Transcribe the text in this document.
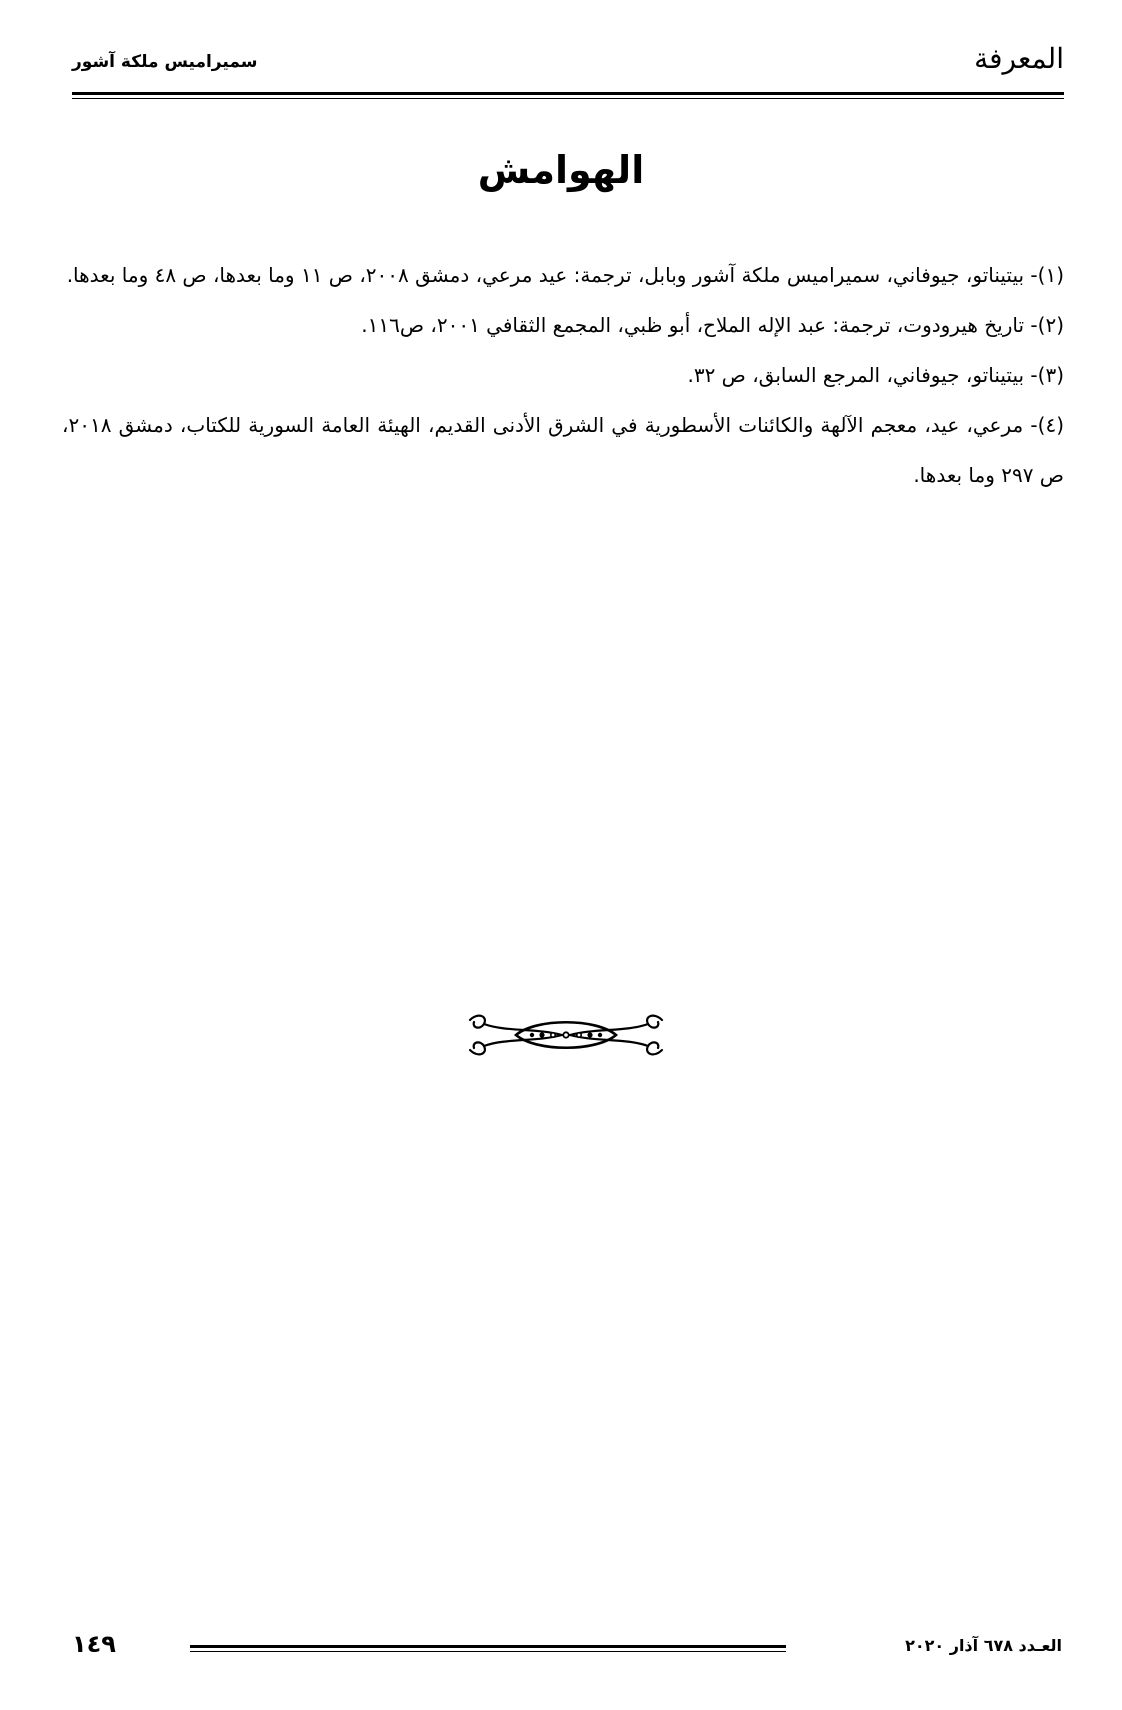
سميراميس ملكة آشور	المعرفة
الهوامش

(١)- بيتيناتو، جيوفاني، سميراميس ملكة آشور وبابل، ترجمة: عيد مرعي، دمشق ٢٠٠٨، ص ١١ وما بعدها، ص ٤٨ وما بعدها.

(٢)- تاريخ هيرودوت، ترجمة: عبد الإله الملاح، أبو ظبي، المجمع الثقافي ٢٠٠١، ص١١٦.

(٣)- بيتيناتو، جيوفاني، المرجع السابق، ص ٣٢.

(٤)- مرعي، عيد، معجم الآلهة والكائنات الأسطورية في الشرق الأدنى القديم، الهيئة العامة السورية للكتاب، دمشق ٢٠١٨، ص ٢٩٧ وما بعدها.

١٤٩	العـدد ٦٧٨ آذار ٢٠٢٠
